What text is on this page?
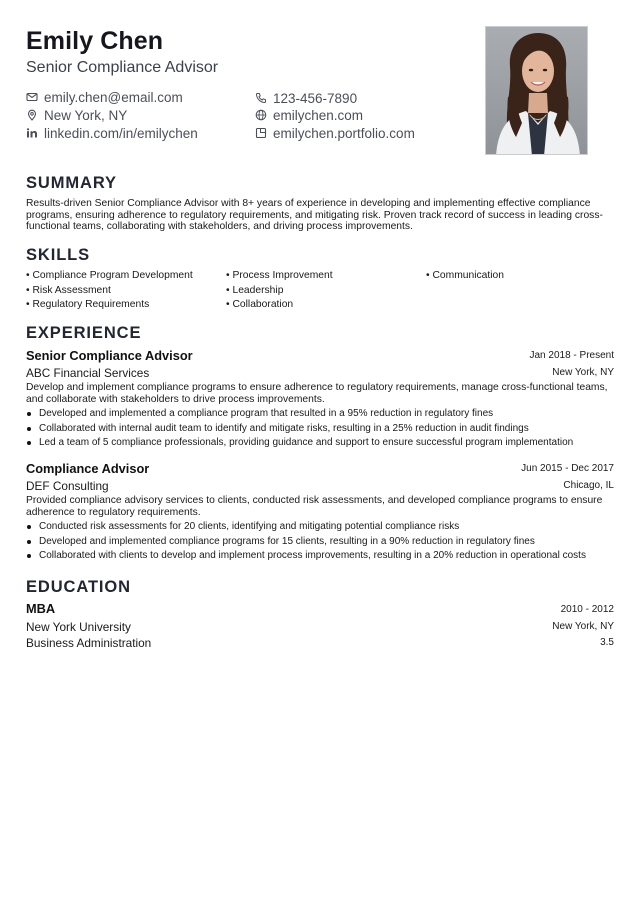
Emily Chen
Senior Compliance Advisor
emily.chen@email.com	123-456-7890
New York, NY	emilychen.com
linkedin.com/in/emilychen	emilychen.portfolio.com
SUMMARY
Results-driven Senior Compliance Advisor with 8+ years of experience in developing and implementing effective compliance programs, ensuring adherence to regulatory requirements, and mitigating risk. Proven track record of success in leading cross-functional teams, collaborating with stakeholders, and driving process improvements.
SKILLS
• Compliance Program Development	• Process Improvement	• Communication
• Risk Assessment	• Leadership
• Regulatory Requirements	• Collaboration
EXPERIENCE
Senior Compliance Advisor	Jan 2018 - Present
ABC Financial Services	New York, NY
Develop and implement compliance programs to ensure adherence to regulatory requirements, manage cross-functional teams, and collaborate with stakeholders to drive process improvements.
Developed and implemented a compliance program that resulted in a 95% reduction in regulatory fines
Collaborated with internal audit team to identify and mitigate risks, resulting in a 25% reduction in audit findings
Led a team of 5 compliance professionals, providing guidance and support to ensure successful program implementation
Compliance Advisor	Jun 2015 - Dec 2017
DEF Consulting	Chicago, IL
Provided compliance advisory services to clients, conducted risk assessments, and developed compliance programs to ensure adherence to regulatory requirements.
Conducted risk assessments for 20 clients, identifying and mitigating potential compliance risks
Developed and implemented compliance programs for 15 clients, resulting in a 90% reduction in regulatory fines
Collaborated with clients to develop and implement process improvements, resulting in a 20% reduction in operational costs
EDUCATION
MBA	2010 - 2012
New York University	New York, NY
Business Administration	3.5
